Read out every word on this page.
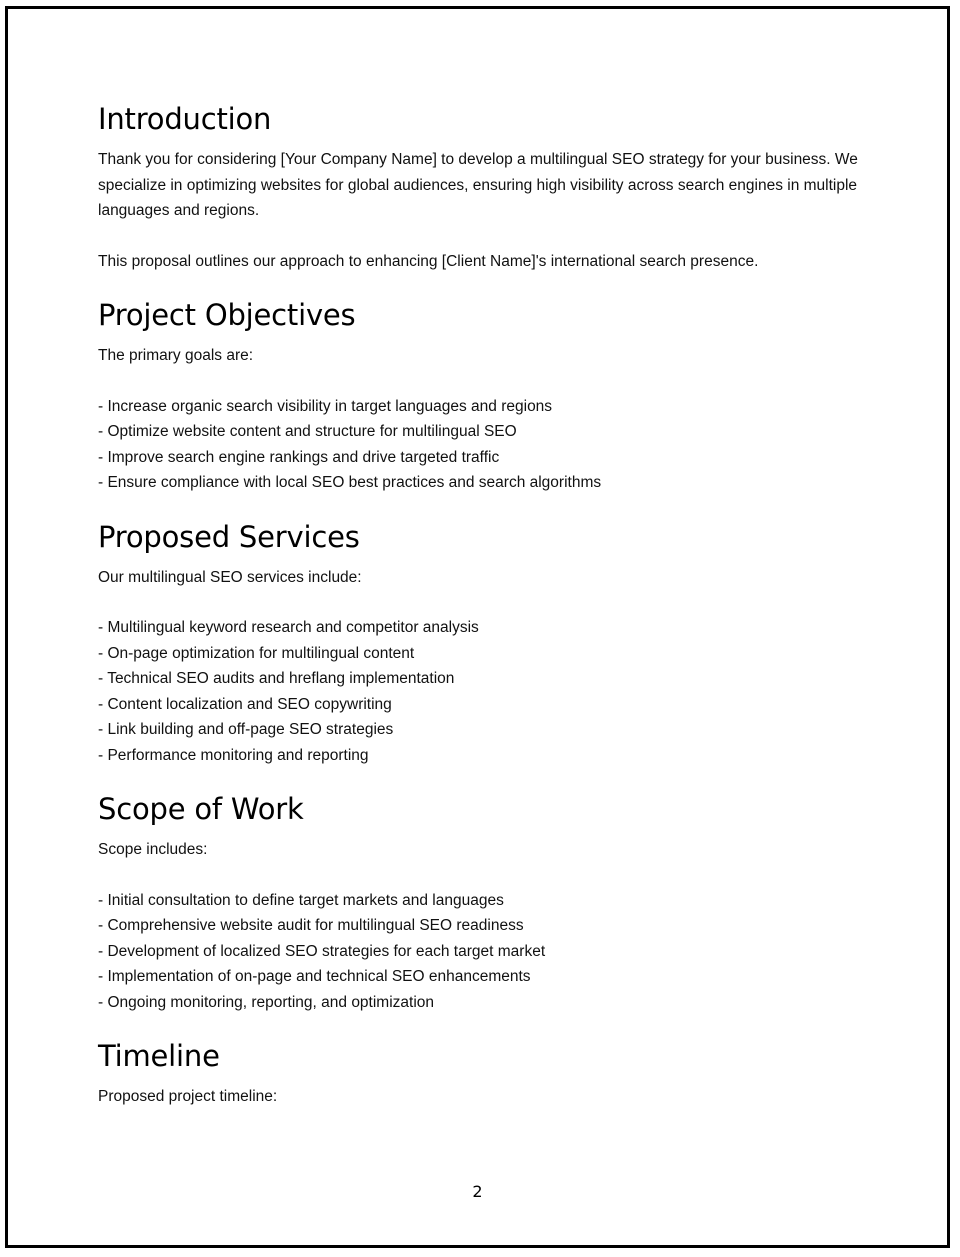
Introduction

Thank you for considering [Your Company Name] to develop a multilingual SEO strategy for your business. We specialize in optimizing websites for global audiences, ensuring high visibility across search engines in multiple languages and regions.

This proposal outlines our approach to enhancing [Client Name]'s international search presence.

Project Objectives

The primary goals are:

- Increase organic search visibility in target languages and regions
- Optimize website content and structure for multilingual SEO
- Improve search engine rankings and drive targeted traffic
- Ensure compliance with local SEO best practices and search algorithms
Proposed Services

Our multilingual SEO services include:

- Multilingual keyword research and competitor analysis
- On-page optimization for multilingual content
- Technical SEO audits and hreflang implementation
- Content localization and SEO copywriting
- Link building and off-page SEO strategies
- Performance monitoring and reporting
Scope of Work

Scope includes:

- Initial consultation to define target markets and languages
- Comprehensive website audit for multilingual SEO readiness
- Development of localized SEO strategies for each target market
- Implementation of on-page and technical SEO enhancements
- Ongoing monitoring, reporting, and optimization
Timeline

Proposed project timeline:

2
